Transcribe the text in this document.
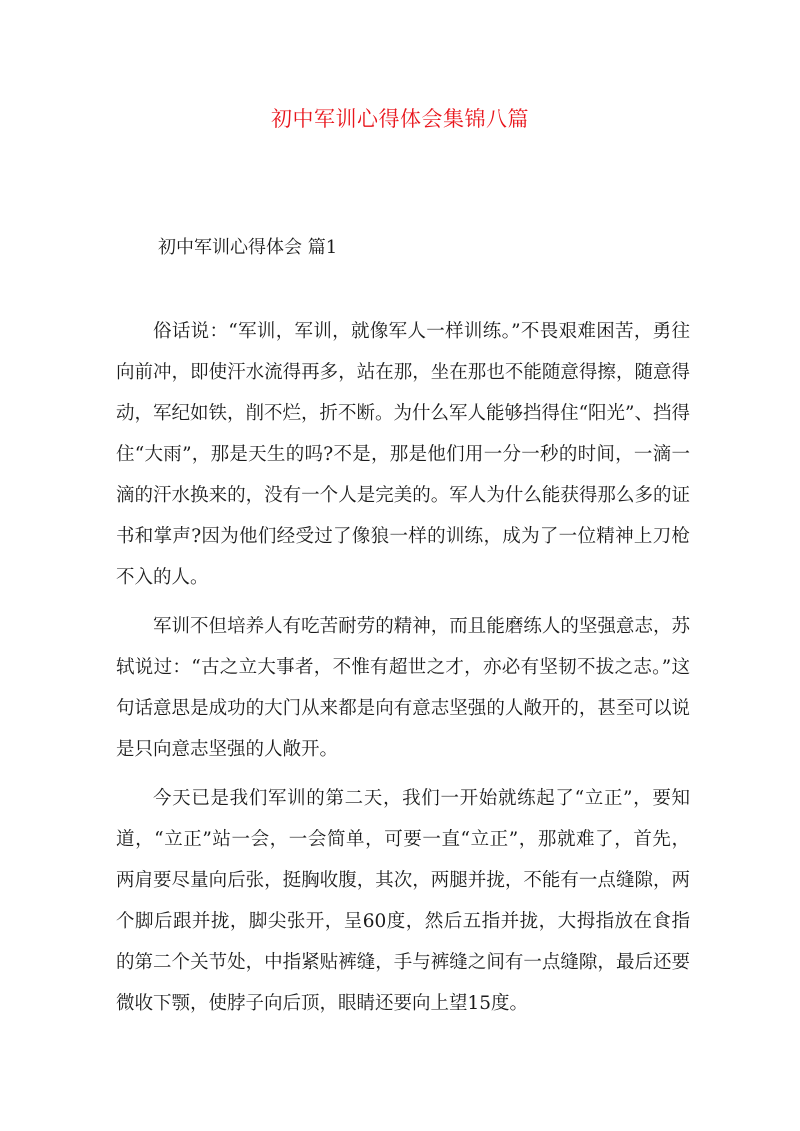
初中军训心得体会集锦八篇
初中军训心得体会 篇1

俗话说：“军训，军训，就像军人一样训练。”不畏艰难困苦，勇往向前冲，即使汗水流得再多，站在那，坐在那也不能随意得擦，随意得动，军纪如铁，削不烂，折不断。为什么军人能够挡得住“阳光”、挡得住“大雨”，那是天生的吗?不是，那是他们用一分一秒的时间，一滴一滴的汗水换来的，没有一个人是完美的。军人为什么能获得那么多的证书和掌声?因为他们经受过了像狼一样的训练，成为了一位精神上刀枪不入的人。

军训不但培养人有吃苦耐劳的精神，而且能磨练人的坚强意志，苏轼说过：“古之立大事者，不惟有超世之才，亦必有坚韧不拔之志。”这句话意思是成功的大门从来都是向有意志坚强的人敞开的，甚至可以说是只向意志坚强的人敞开。

今天已是我们军训的第二天，我们一开始就练起了“立正”，要知道，“立正”站一会，一会简单，可要一直“立正”，那就难了，首先，两肩要尽量向后张，挺胸收腹，其次，两腿并拢，不能有一点缝隙，两个脚后跟并拢，脚尖张开，呈60度，然后五指并拢，大拇指放在食指的第二个关节处，中指紧贴裤缝，手与裤缝之间有一点缝隙，最后还要微收下颚，使脖子向后顶，眼睛还要向上望15度。
